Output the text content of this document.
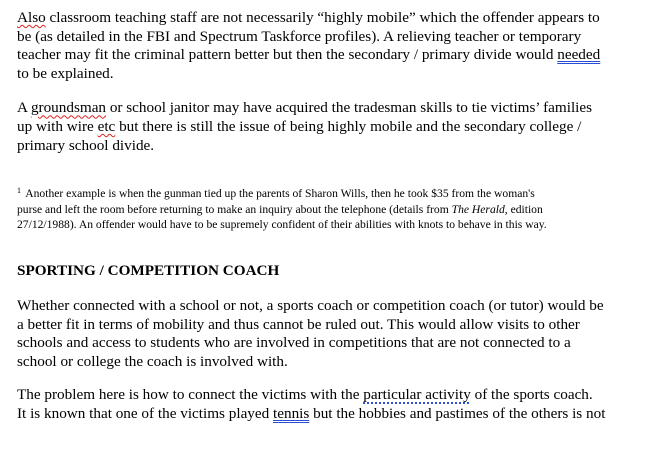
Also classroom teaching staff are not necessarily “highly mobile” which the offender appears to
be (as detailed in the FBI and Spectrum Taskforce profiles). A relieving teacher or temporary
teacher may fit the criminal pattern better but then the secondary / primary divide would needed
to be explained.

A groundsman or school janitor may have acquired the tradesman skills to tie victims’ families
up with wire etc but there is still the issue of being highly mobile and the secondary college /
primary school divide.

$^1$ Another example is when the gunman tied up the parents of Sharon Wills, then he took $35 from the woman's
purse and left the room before returning to make an inquiry about the telephone (details from The Herald, edition
27/12/1988). An offender would have to be supremely confident of their abilities with knots to behave in this way.

SPORTING / COMPETITION COACH

Whether connected with a school or not, a sports coach or competition coach (or tutor) would be
a better fit in terms of mobility and thus cannot be ruled out. This would allow visits to other
schools and access to students who are involved in competitions that are not connected to a
school or college the coach is involved with.

The problem here is how to connect the victims with the particular activity of the sports coach.
It is known that one of the victims played tennis but the hobbies and pastimes of the others is not
